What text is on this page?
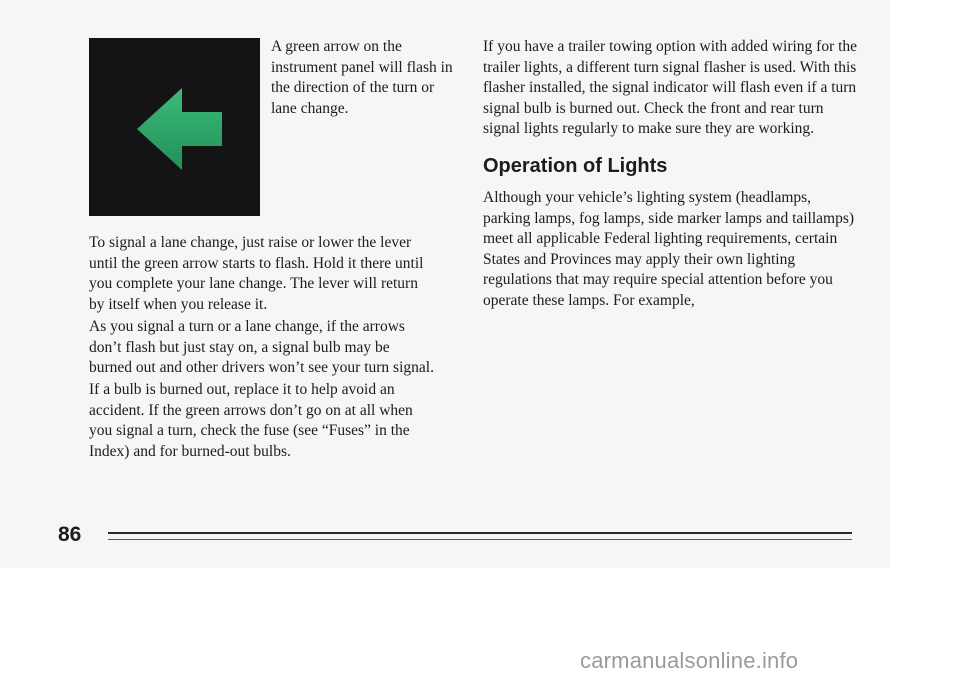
A green arrow on the instrument panel will flash in the direction of the turn or lane change.

To signal a lane change, just raise or lower the lever until the green arrow starts to flash. Hold it there until you complete your lane change. The lever will return by itself when you release it.

As you signal a turn or a lane change, if the arrows don’t flash but just stay on, a signal bulb may be burned out and other drivers won’t see your turn signal.

If a bulb is burned out, replace it to help avoid an accident. If the green arrows don’t go on at all when you signal a turn, check the fuse (see “Fuses” in the Index) and for burned-out bulbs.

If you have a trailer towing option with added wiring for the trailer lights, a different turn signal flasher is used. With this flasher installed, the signal indicator will flash even if a turn signal bulb is burned out. Check the front and rear turn signal lights regularly to make sure they are working.

Operation of Lights

Although your vehicle’s lighting system (headlamps, parking lamps, fog lamps, side marker lamps and taillamps) meet all applicable Federal lighting requirements, certain States and Provinces may apply their own lighting regulations that may require special attention before you operate these lamps. For example,

86
carmanualsonline.info
